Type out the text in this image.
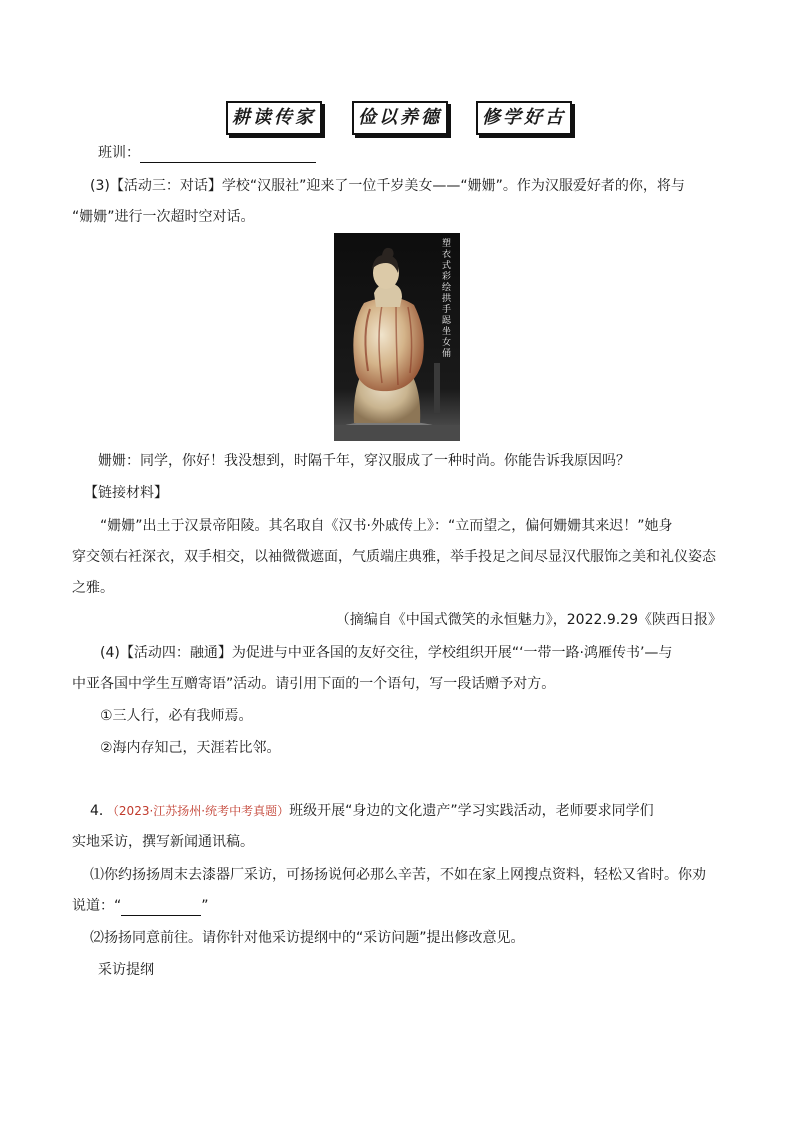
耕读传家	俭以养德	修学好古
班训：
(3)【活动三：对话】学校“汉服社”迎来了一位千岁美女——“姗姗”。作为汉服爱好者的你，将与
“姗姗”进行一次超时空对话。
塑衣式彩绘拱手跽坐女俑
姗姗：同学，你好！我没想到，时隔千年，穿汉服成了一种时尚。你能告诉我原因吗？
【链接材料】
“姗姗”出土于汉景帝阳陵。其名取自《汉书·外戚传上》：“立而望之，偏何姗姗其来迟！”她身
穿交领右衽深衣，双手相交，以袖微微遮面，气质端庄典雅，举手投足之间尽显汉代服饰之美和礼仪姿态
之雅。
（摘编自《中国式微笑的永恒魅力》，2022.9.29《陕西日报》
(4)【活动四：融通】为促进与中亚各国的友好交往，学校组织开展“‘一带一路·鸿雁传书’—与
中亚各国中学生互赠寄语”活动。请引用下面的一个语句，写一段话赠予对方。
①三人行，必有我师焉。
②海内存知己，天涯若比邻。
4．（2023·江苏扬州·统考中考真题）班级开展“身边的文化遗产”学习实践活动，老师要求同学们
实地采访，撰写新闻通讯稿。
⑴你约扬扬周末去漆器厂采访，可扬扬说何必那么辛苦，不如在家上网搜点资料，轻松又省时。你劝
说道：“	”
⑵扬扬同意前往。请你针对他采访提纲中的“采访问题”提出修改意见。
采访提纲
